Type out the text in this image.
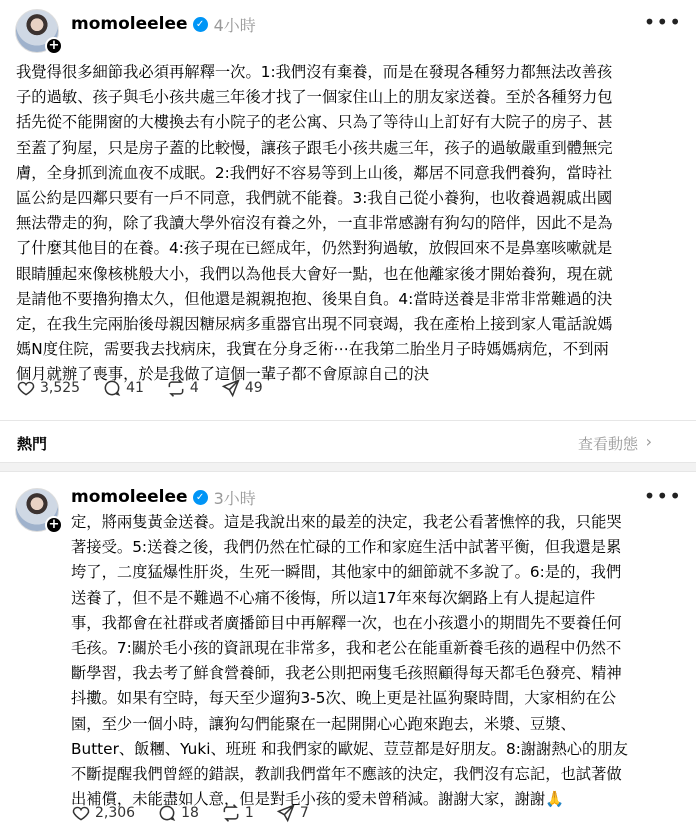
+
momoleelee ✓ 4小時	•••
我覺得很多細節我必須再解釋一次。1:我們沒有棄養，而是在發現各種努力都無法改善孩
子的過敏、孩子與毛小孩共處三年後才找了一個家住山上的朋友家送養。至於各種努力包
括先從不能開窗的大樓換去有小院子的老公寓、只為了等待山上訂好有大院子的房子、甚
至蓋了狗屋，只是房子蓋的比較慢，讓孩子跟毛小孩共處三年，孩子的過敏嚴重到體無完
膚，全身抓到流血夜不成眠。2:我們好不容易等到上山後，鄰居不同意我們養狗，當時社
區公約是四鄰只要有一戶不同意，我們就不能養。3:我自己從小養狗，也收養過親戚出國
無法帶走的狗，除了我讀大學外宿沒有養之外，一直非常感謝有狗勾的陪伴，因此不是為
了什麼其他目的在養。4:孩子現在已經成年，仍然對狗過敏，放假回來不是鼻塞咳嗽就是
眼睛腫起來像核桃般大小，我們以為他長大會好一點，也在他離家後才開始養狗，現在就
是請他不要擼狗擼太久，但他還是親親抱抱、後果自負。4:當時送養是非常非常難過的決
定，在我生完兩胎後母親因糖尿病多重器官出現不同衰竭，我在產枱上接到家人電話說媽
媽N度住院，需要我去找病床，我實在分身乏術⋯在我第二胎坐月子時媽媽病危，不到兩
個月就辦了喪事，於是我做了這個一輩子都不會原諒自己的決
3,525	41	4	49
熱門	查看動態 ›
+
momoleelee ✓ 3小時	•••
定，將兩隻黃金送養。這是我說出來的最差的決定，我老公看著憔悴的我，只能哭
著接受。5:送養之後，我們仍然在忙碌的工作和家庭生活中試著平衡，但我還是累
垮了，二度猛爆性肝炎，生死一瞬間，其他家中的細節就不多說了。6:是的，我們
送養了，但不是不難過不心痛不後悔，所以這17年來每次網路上有人提起這件
事，我都會在社群或者廣播節目中再解釋一次，也在小孩還小的期間先不要養任何
毛孩。7:關於毛小孩的資訊現在非常多，我和老公在能重新養毛孩的過程中仍然不
斷學習，我去考了鮮食營養師，我老公則把兩隻毛孩照顧得每天都毛色發亮、精神
抖擻。如果有空時，每天至少遛狗3-5次、晚上更是社區狗聚時間，大家相約在公
園，至少一個小時，讓狗勾們能聚在一起開開心心跑來跑去，米漿、豆漿、
Butter、飯糰、Yuki、班班 和我們家的歐妮、荳荳都是好朋友。8:謝謝熱心的朋友
不斷提醒我們曾經的錯誤，教訓我們當年不應該的決定，我們沒有忘記，也試著做
出補償，未能盡如人意，但是對毛小孩的愛未曾稍減。謝謝大家，謝謝🙏
2,306	18	1	7
